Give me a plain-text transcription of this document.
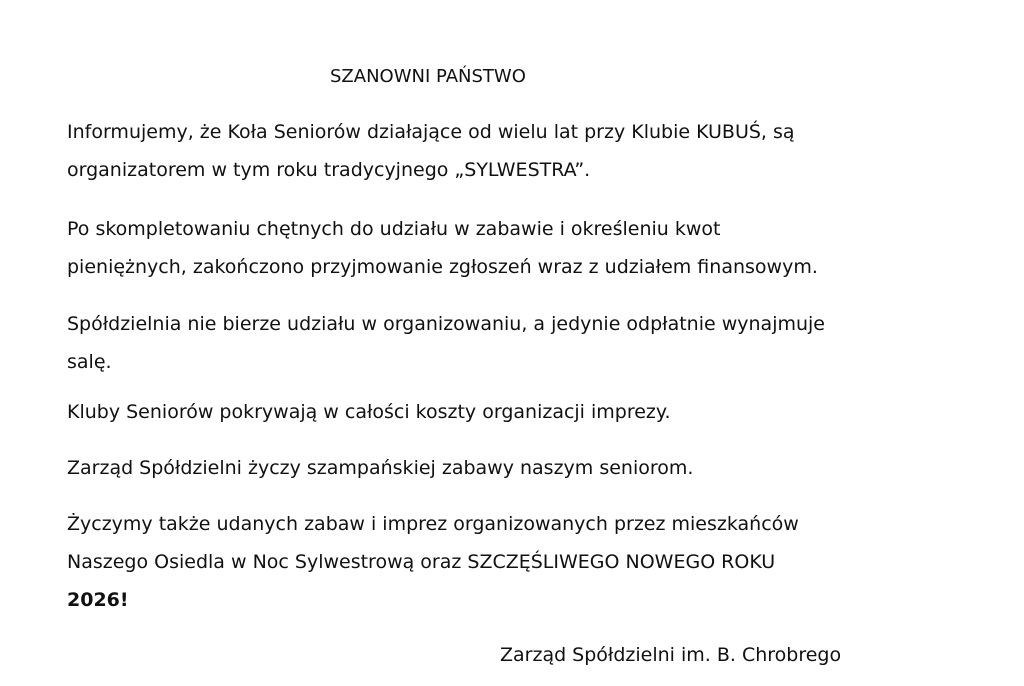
SZANOWNI PAŃSTWO

Informujemy, że Koła Seniorów działające od wielu lat przy Klubie KUBUŚ, są
organizatorem w tym roku tradycyjnego „SYLWESTRA”.

Po skompletowaniu chętnych do udziału w zabawie i określeniu kwot
pieniężnych, zakończono przyjmowanie zgłoszeń wraz z udziałem finansowym.

Spółdzielnia nie bierze udziału w organizowaniu, a jedynie odpłatnie wynajmuje
salę.

Kluby Seniorów pokrywają w całości koszty organizacji imprezy.

Zarząd Spółdzielni życzy szampańskiej zabawy naszym seniorom.

Życzymy także udanych zabaw i imprez organizowanych przez mieszkańców
Naszego Osiedla w Noc Sylwestrową oraz SZCZĘŚLIWEGO NOWEGO ROKU
2026!

Zarząd Spółdzielni im. B. Chrobrego
